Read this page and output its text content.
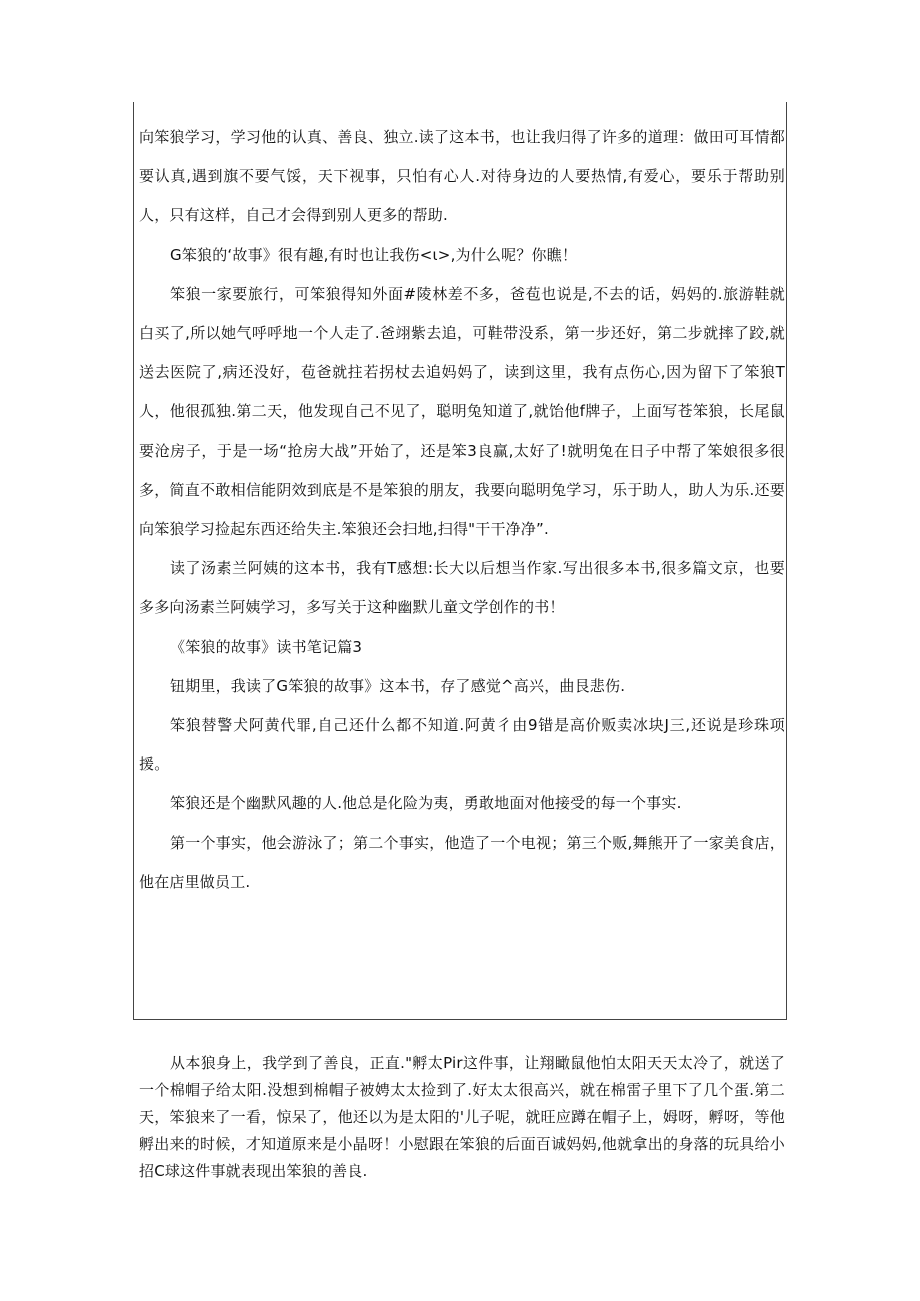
向笨狼学习，学习他的认真、善良、独立.读了这本书，也让我归得了许多的道理：做田可耳情都要认真,遇到旗不要气馁，天下视事，只怕有心人.对待身边的人要热情,有爱心，要乐于帮助别人，只有这样，自己才会得到别人更多的帮助.

G笨狼的‘故事》很有趣,有时也让我伤<ι>,为什么呢？你瞧！

笨狼一家要旅行，可笨狼得知外面#陵林差不多，爸苞也说是,不去的话，妈妈的.旅游鞋就白买了,所以她气呼呼地一个人走了.爸翊紫去追，可鞋带没系，第一步还好，第二步就摔了跤,就送去医院了,病还没好，苞爸就拄若拐杖去追妈妈了，读到这里，我有点伤心,因为留下了笨狼T人，他很孤独.第二天，他发现自己不见了，聪明兔知道了,就饴他f牌子，上面写苍笨狼，长尾鼠要沧房子，于是一场“抢房大战”开始了，还是笨3良赢,太好了!就明兔在日子中帮了笨娘很多很多，简直不敢相信能阴效到底是不是笨狼的朋友，我要向聪明兔学习，乐于助人，助人为乐.还要向笨狼学习捡起东西还给失主.笨狼还会扫地,扫得"干干净净”.

读了汤素兰阿姨的这本书，我有T感想:长大以后想当作家.写出很多本书,很多篇文京，也要多多向汤素兰阿姨学习，多写关于这种幽默儿童文学创作的书！

《笨狼的故事》读书笔记篇3

钮期里，我读了G笨狼的故事》这本书，存了感觉^高兴，曲艮悲伤.

笨狼替警犬阿黄代罪,自己还什么都不知道.阿黄彳由9错是高价贩卖冰块J三,还说是珍珠项援。

笨狼还是个幽默风趣的人.他总是化险为夷，勇敢地面对他接受的每一个事实.

第一个事实，他会游泳了；第二个事实，他造了一个电视；第三个贩,舞熊开了一家美食店，他在店里做员工.

从本狼身上，我学到了善良，正直."孵太Pir这件事，让翔瞰鼠他怕太阳天天太冷了，就送了一个棉帽子给太阳.没想到棉帽子被娉太太捡到了.好太太很高兴，就在棉雷子里下了几个蛋.第二天，笨狼来了一看，惊呆了，他还以为是太阳的'儿子呢，就旺应蹲在帽子上，姆呀，孵呀，等他孵出来的时候，才知道原来是小晶呀！小慰跟在笨狼的后面百诚妈妈,他就拿出的身落的玩具给小招C球这件事就表现出笨狼的善良.
